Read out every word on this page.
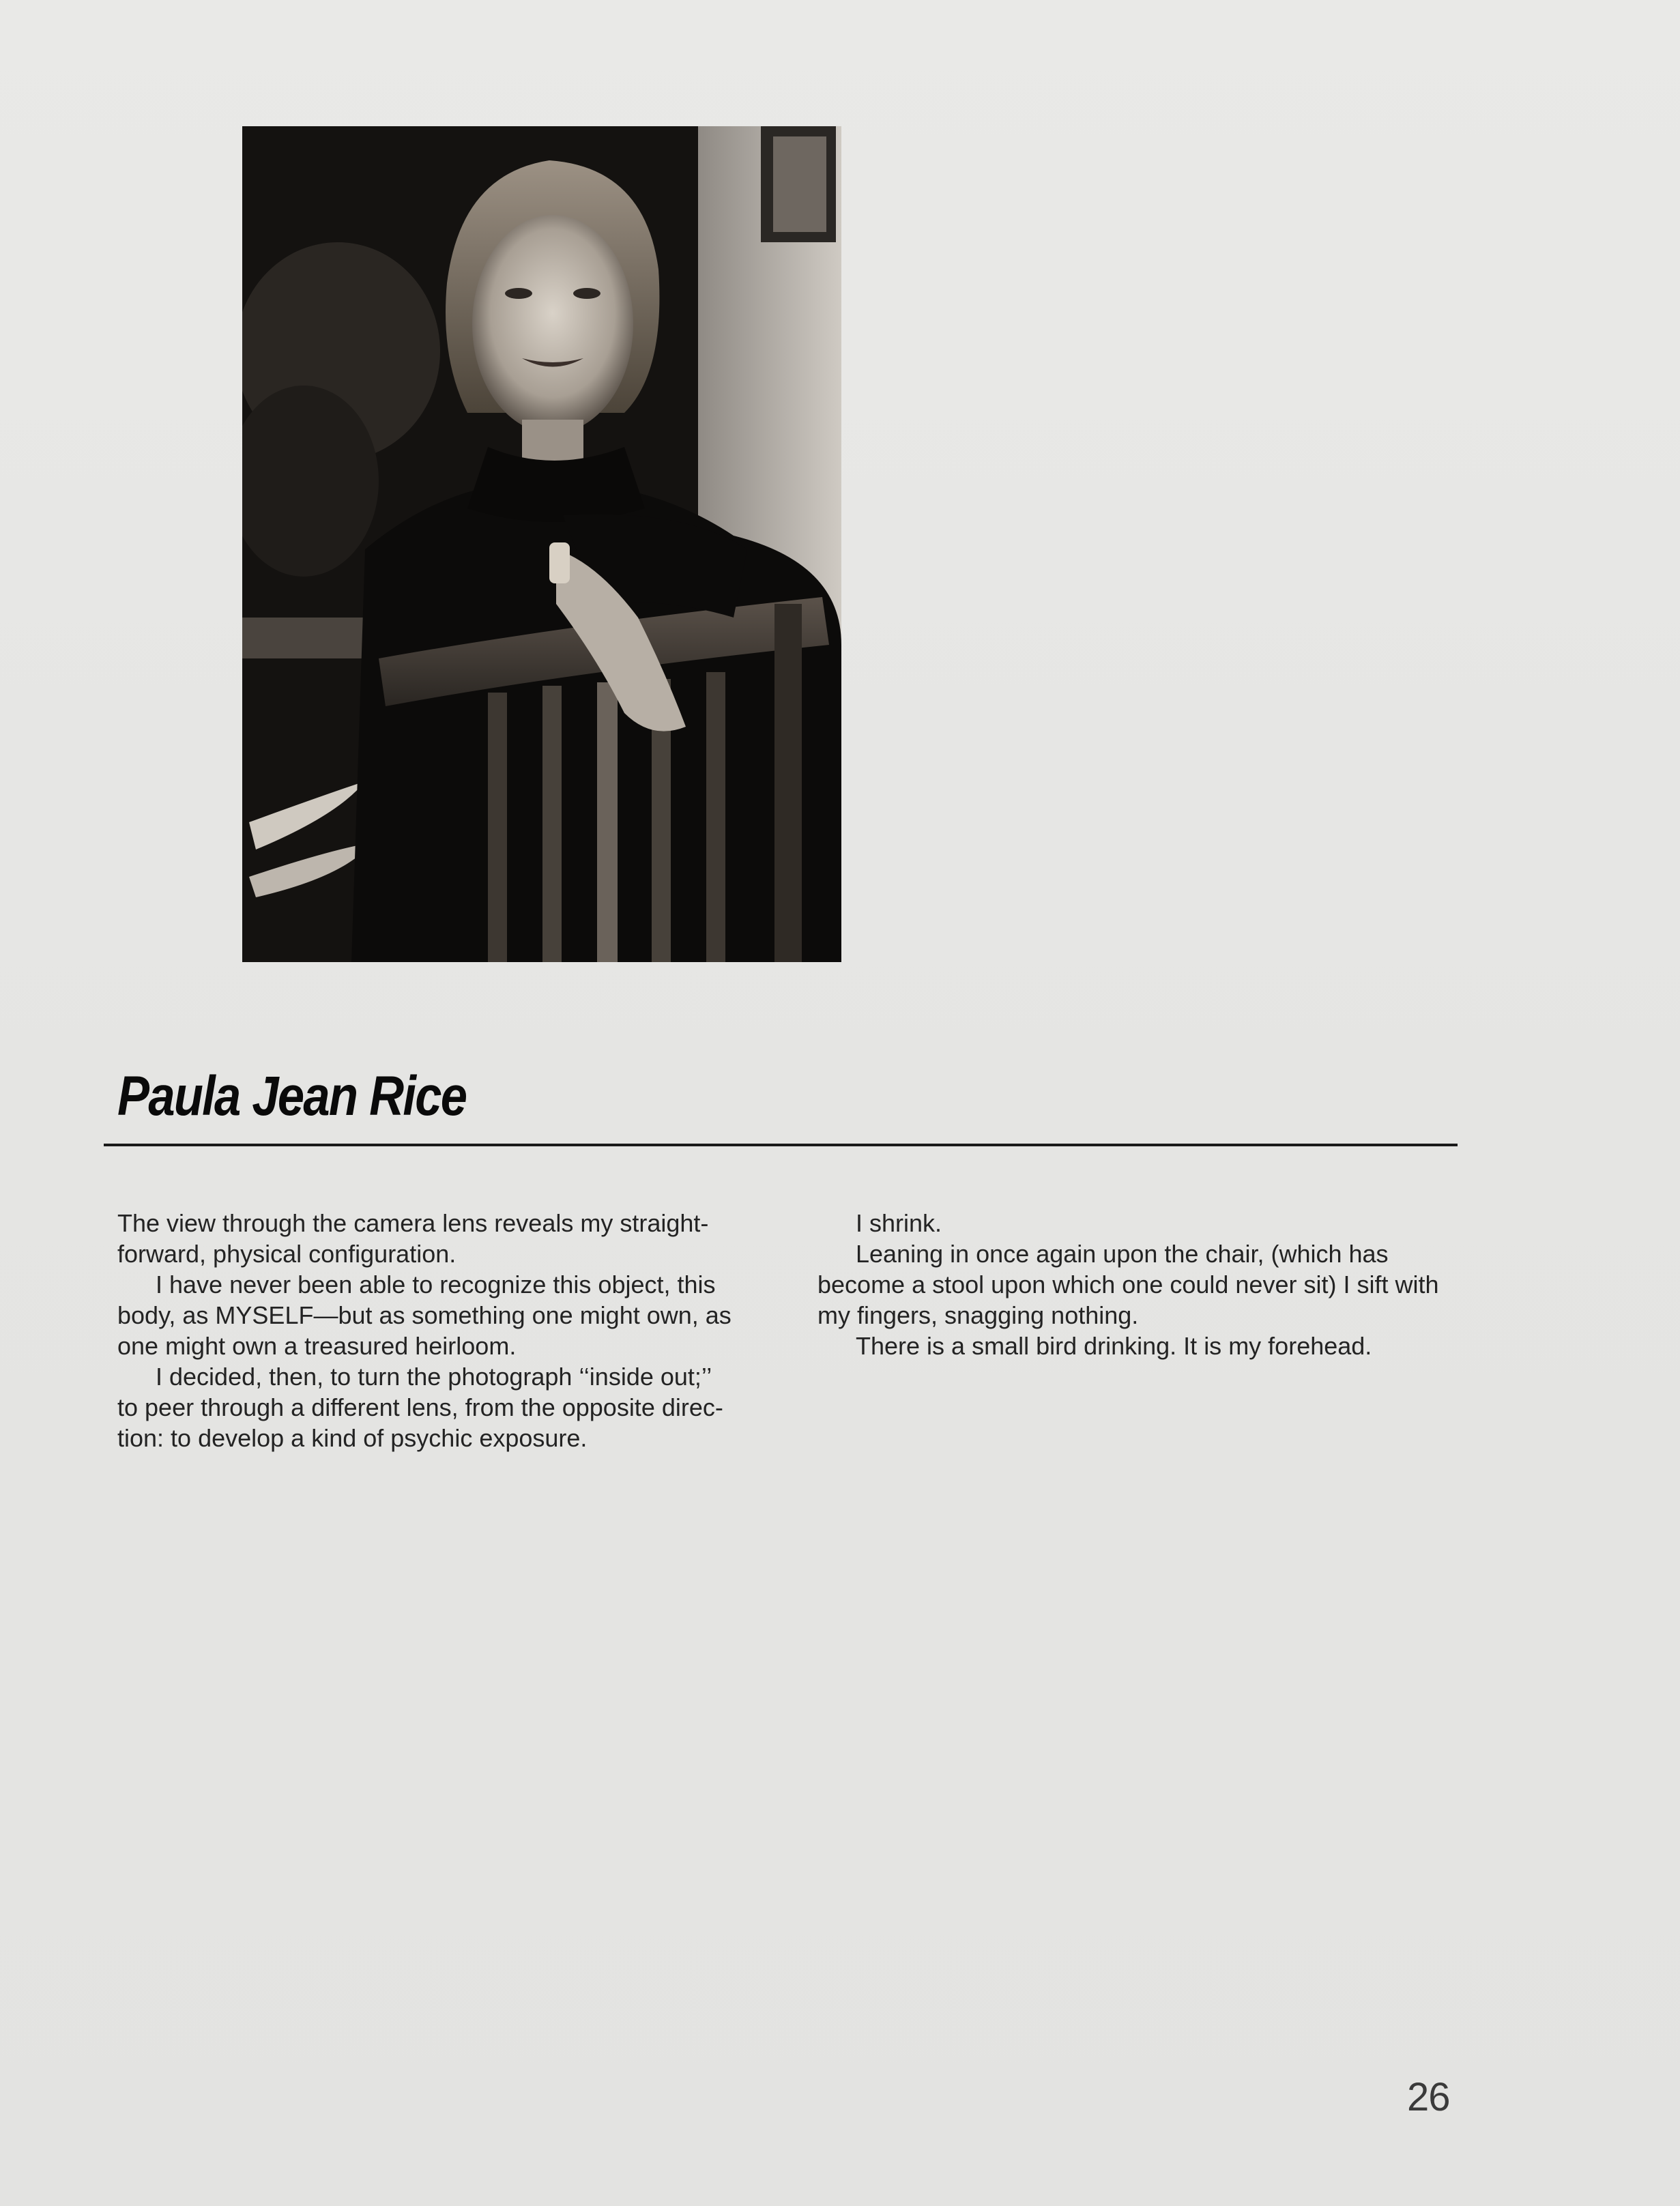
Paula Jean Rice
The view through the camera lens reveals my straight-
forward, physical configuration.
I have never been able to recognize this object, this
body, as MYSELF—but as something one might own, as
one might own a treasured heirloom.
I decided, then, to turn the photograph ‘‘inside out;’’
to peer through a different lens, from the opposite direc-
tion: to develop a kind of psychic exposure.
I shrink.
Leaning in once again upon the chair, (which has
become a stool upon which one could never sit) I sift with
my fingers, snagging nothing.
There is a small bird drinking. It is my forehead.
26
